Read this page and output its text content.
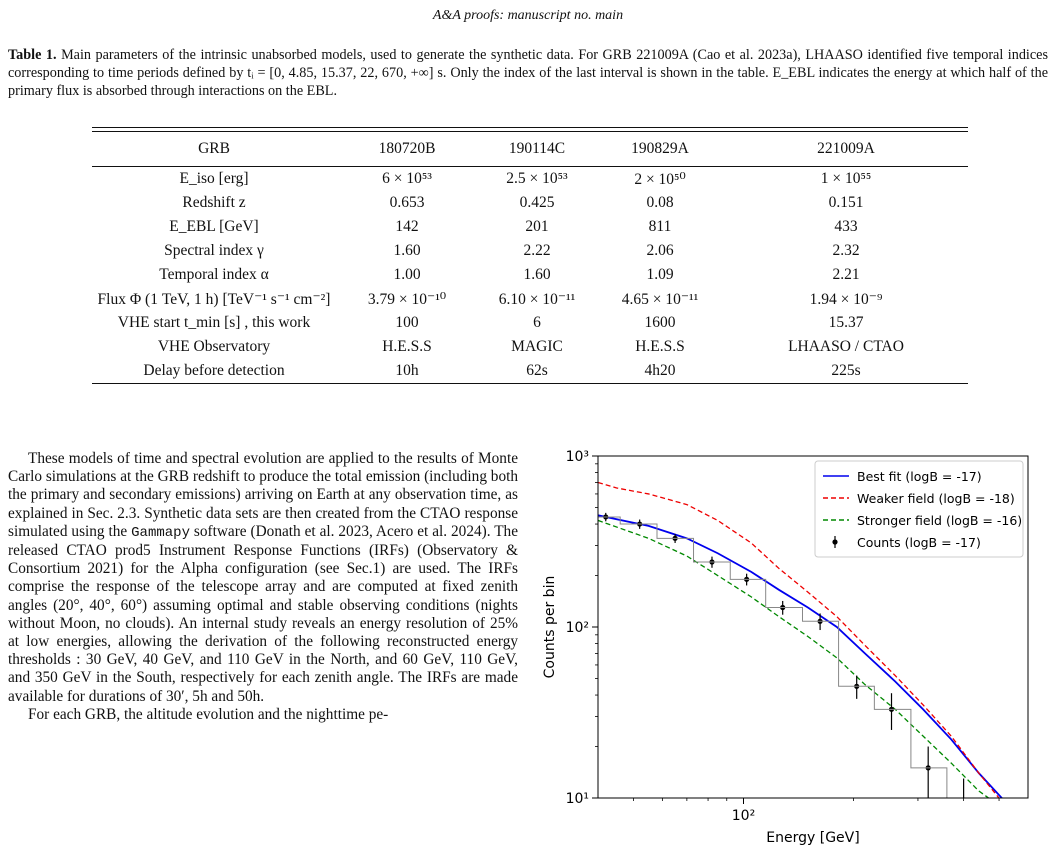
A&A proofs: manuscript no. main
Table 1. Main parameters of the intrinsic unabsorbed models, used to generate the synthetic data. For GRB 221009A (Cao et al. 2023a), LHAASO identified five temporal indices corresponding to time periods defined by tᵢ = [0, 4.85, 15.37, 22, 670, +∞] s. Only the index of the last interval is shown in the table. E_EBL indicates the energy at which half of the primary flux is absorbed through interactions on the EBL.
GRB	180720B	190114C	190829A	221009A
E_iso [erg]	6 × 10⁵³	2.5 × 10⁵³	2 × 10⁵⁰	1 × 10⁵⁵
Redshift z	0.653	0.425	0.08	0.151
E_EBL [GeV]	142	201	811	433
Spectral index γ	1.60	2.22	2.06	2.32
Temporal index α	1.00	1.60	1.09	2.21
Flux Φ (1 TeV, 1 h) [TeV⁻¹ s⁻¹ cm⁻²]	3.79 × 10⁻¹⁰	6.10 × 10⁻¹¹	4.65 × 10⁻¹¹	1.94 × 10⁻⁹
VHE start t_min [s] , this work	100	6	1600	15.37
VHE Observatory	H.E.S.S	MAGIC	H.E.S.S	LHAASO / CTAO
Delay before detection	10h	62s	4h20	225s

These models of time and spectral evolution are applied to the results of Monte Carlo simulations at the GRB redshift to produce the total emission (including both the primary and secondary emissions) arriving on Earth at any observation time, as explained in Sec. 2.3. Synthetic data sets are then created from the CTAO response simulated using the Gammapy software (Donath et al. 2023, Acero et al. 2024). The released CTAO prod5 Instrument Response Functions (IRFs) (Observatory & Consortium 2021) for the Alpha configuration (see Sec.1) are used. The IRFs comprise the response of the telescope array and are computed at fixed zenith angles (20°, 40°, 60°) assuming optimal and stable observing conditions (nights without Moon, no clouds). An internal study reveals an energy resolution of 25% at low energies, allowing the derivation of the following reconstructed energy thresholds : 30 GeV, 40 GeV, and 110 GeV in the North, and 60 GeV, 110 GeV, and 350 GeV in the South, respectively for each zenith angle. The IRFs are made available for durations of 30′, 5h and 50h.

For each GRB, the altitude evolution and the nighttime pe-

10¹
10²
10³
10²
Energy [GeV]
Counts per bin
Best fit (logB = -17)
Weaker field (logB = -18)
Stronger field (logB = -16)
Counts (logB = -17)
